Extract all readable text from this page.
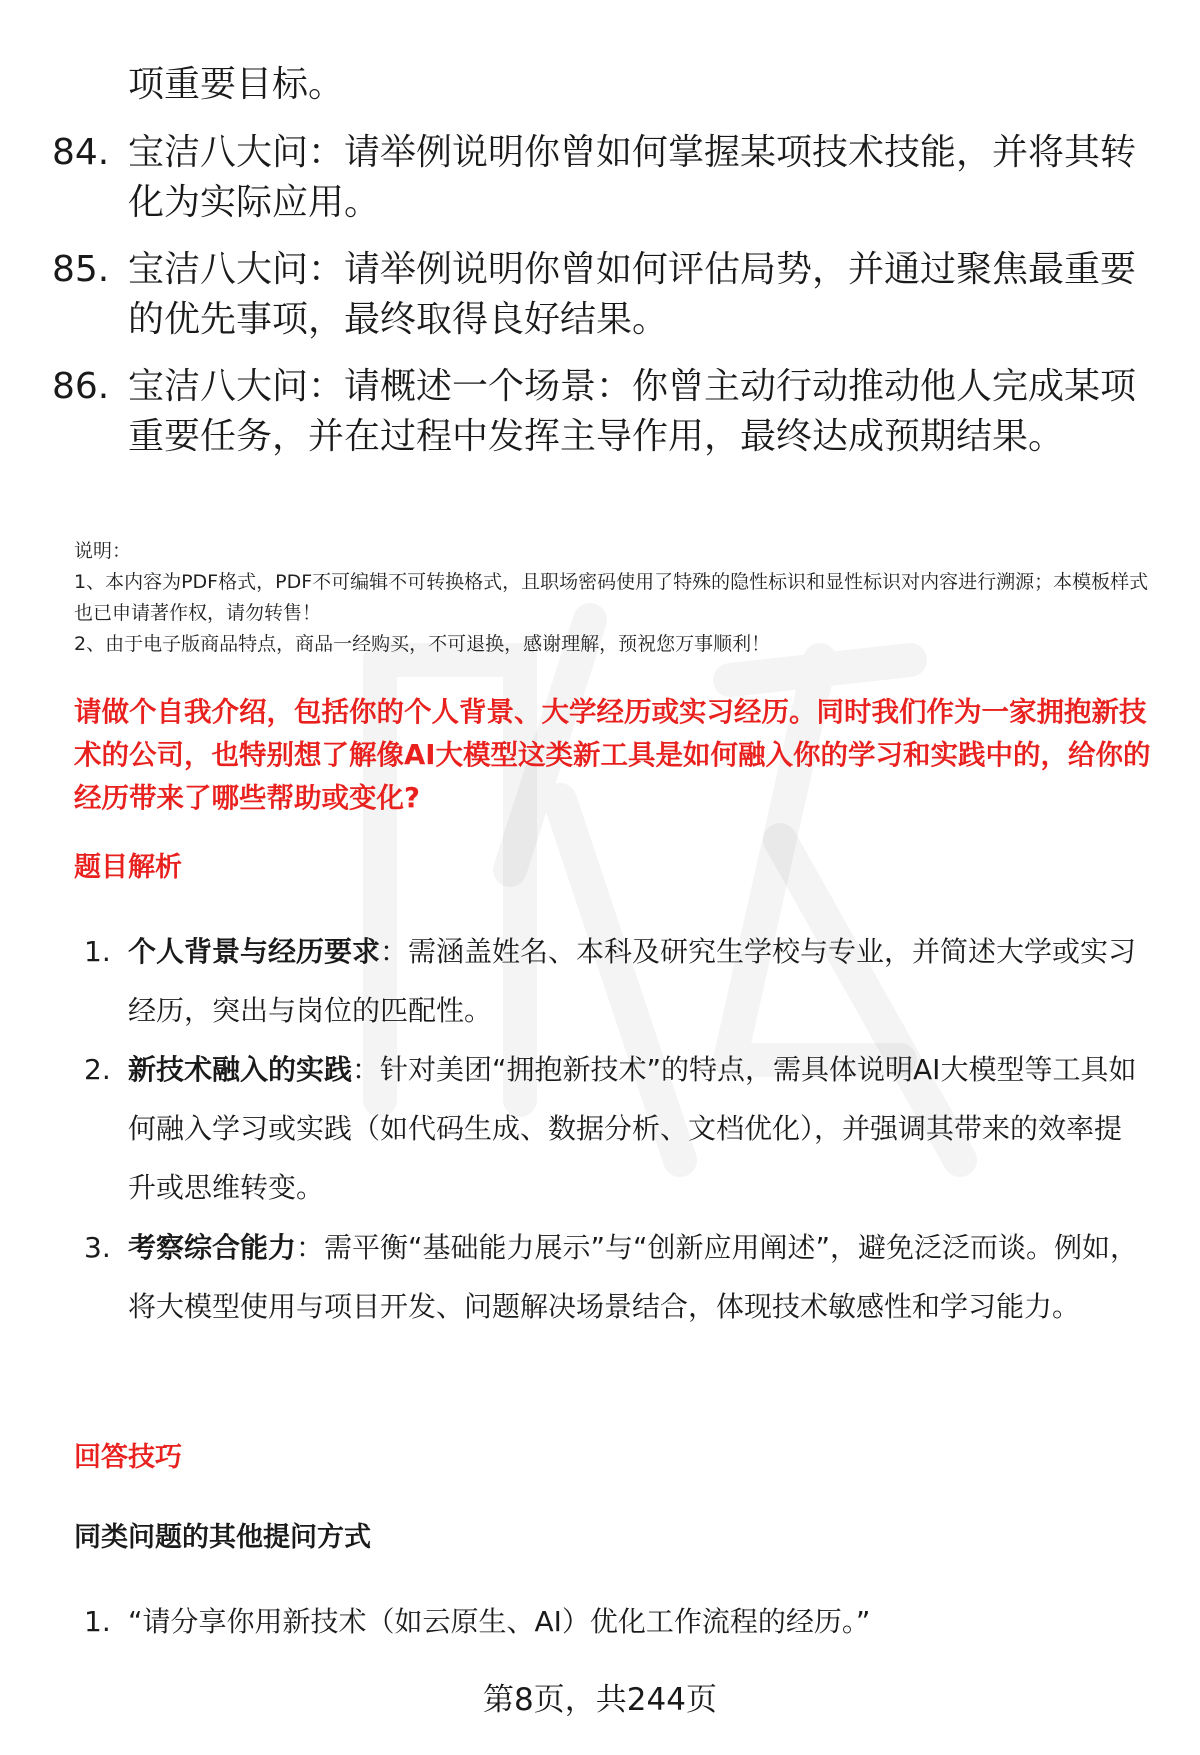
项重要目标。
84. 宝洁八大问：请举例说明你曾如何掌握某项技术技能，并将其转化为实际应用。
85. 宝洁八大问：请举例说明你曾如何评估局势，并通过聚焦最重要的优先事项，最终取得良好结果。
86. 宝洁八大问：请概述一个场景：你曾主动行动推动他人完成某项重要任务，并在过程中发挥主导作用，最终达成预期结果。
说明：
1、本内容为PDF格式，PDF不可编辑不可转换格式，且职场密码使用了特殊的隐性标识和显性标识对内容进行溯源；本模板样式也已申请著作权，请勿转售！
2、由于电子版商品特点，商品一经购买，不可退换，感谢理解，预祝您万事顺利！
请做个自我介绍，包括你的个人背景、大学经历或实习经历。同时我们作为一家拥抱新技术的公司，也特别想了解像AI大模型这类新工具是如何融入你的学习和实践中的，给你的经历带来了哪些帮助或变化?
题目解析
1. 个人背景与经历要求：需涵盖姓名、本科及研究生学校与专业，并简述大学或实习经历，突出与岗位的匹配性。
2. 新技术融入的实践：针对美团“拥抱新技术”的特点，需具体说明AI大模型等工具如何融入学习或实践（如代码生成、数据分析、文档优化），并强调其带来的效率提升或思维转变。
3. 考察综合能力：需平衡“基础能力展示”与“创新应用阐述”，避免泛泛而谈。例如，将大模型使用与项目开发、问题解决场景结合，体现技术敏感性和学习能力。
回答技巧
同类问题的其他提问方式
1. “请分享你用新技术（如云原生、AI）优化工作流程的经历。”
第8页，共244页
